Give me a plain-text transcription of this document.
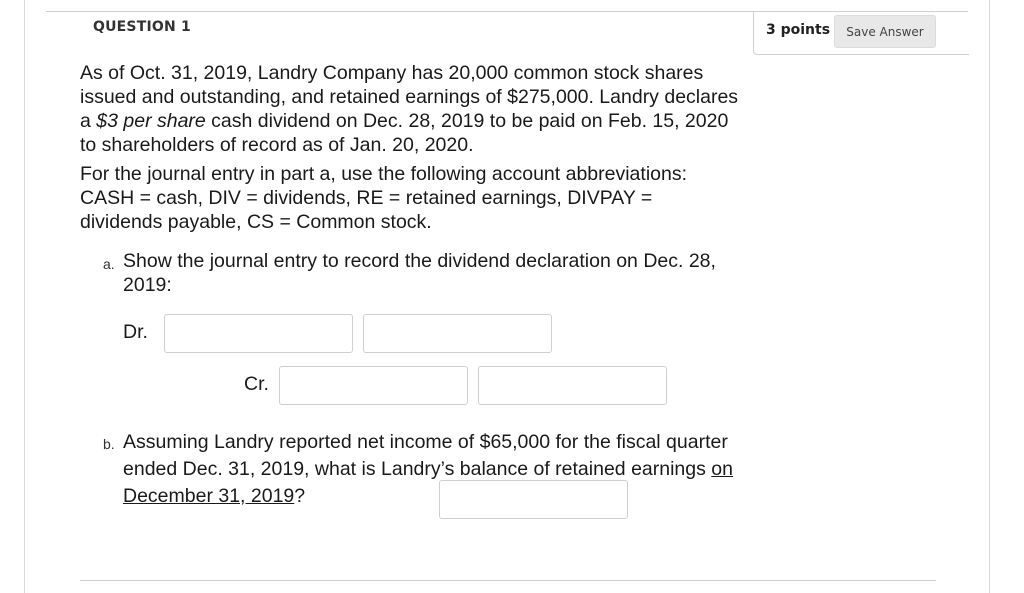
QUESTION 1	3 points	Save Answer
As of Oct. 31, 2019, Landry Company has 20,000 common stock shares issued and outstanding, and retained earnings of $275,000. Landry declares a $3 per share cash dividend on Dec. 28, 2019 to be paid on Feb. 15, 2020 to shareholders of record as of Jan. 20, 2020.
For the journal entry in part a, use the following account abbreviations: CASH = cash, DIV = dividends, RE = retained earnings, DIVPAY = dividends payable, CS = Common stock.
a. Show the journal entry to record the dividend declaration on Dec. 28, 2019:
Dr.
Cr.
b. Assuming Landry reported net income of $65,000 for the fiscal quarter ended Dec. 31, 2019, what is Landry’s balance of retained earnings on December 31, 2019?
